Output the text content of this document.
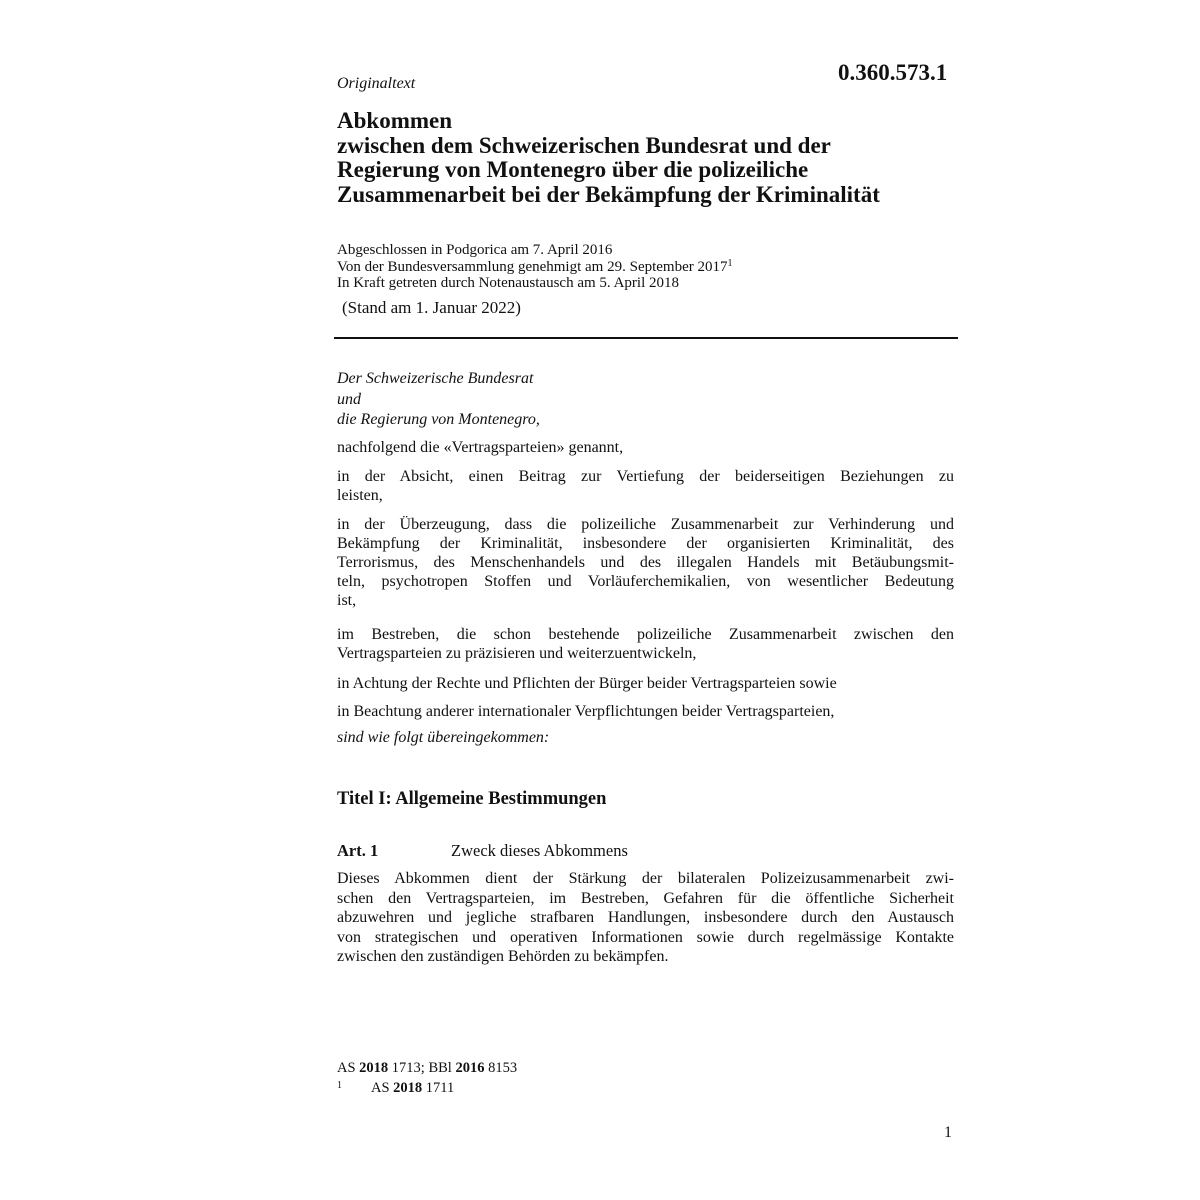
Originaltext	0.360.573.1
Abkommen
zwischen dem Schweizerischen Bundesrat und der
Regierung von Montenegro über die polizeiliche
Zusammenarbeit bei der Bekämpfung der Kriminalität
Abgeschlossen in Podgorica am 7. April 2016
Von der Bundesversammlung genehmigt am 29. September 2017$^1$
In Kraft getreten durch Notenaustausch am 5. April 2018
(Stand am 1. Januar 2022)
Der Schweizerische Bundesrat
und
die Regierung von Montenegro,
nachfolgend die «Vertragsparteien» genannt,
in der Absicht, einen Beitrag zur Vertiefung der beiderseitigen Beziehungen zu
leisten,
in der Überzeugung, dass die polizeiliche Zusammenarbeit zur Verhinderung und
Bekämpfung der Kriminalität, insbesondere der organisierten Kriminalität, des
Terrorismus, des Menschenhandels und des illegalen Handels mit Betäubungsmit-
teln, psychotropen Stoffen und Vorläuferchemikalien, von wesentlicher Bedeutung
ist,
im Bestreben, die schon bestehende polizeiliche Zusammenarbeit zwischen den
Vertragsparteien zu präzisieren und weiterzuentwickeln,
in Achtung der Rechte und Pflichten der Bürger beider Vertragsparteien sowie
in Beachtung anderer internationaler Verpflichtungen beider Vertragsparteien,
sind wie folgt übereingekommen:
Titel I: Allgemeine Bestimmungen
Art. 1	Zweck dieses Abkommens
Dieses Abkommen dient der Stärkung der bilateralen Polizeizusammenarbeit zwi-
schen den Vertragsparteien, im Bestreben, Gefahren für die öffentliche Sicherheit
abzuwehren und jegliche strafbaren Handlungen, insbesondere durch den Austausch
von strategischen und operativen Informationen sowie durch regelmässige Kontakte
zwischen den zuständigen Behörden zu bekämpfen.
AS 2018 1713; BBl 2016 8153
1 AS 2018 1711
1
